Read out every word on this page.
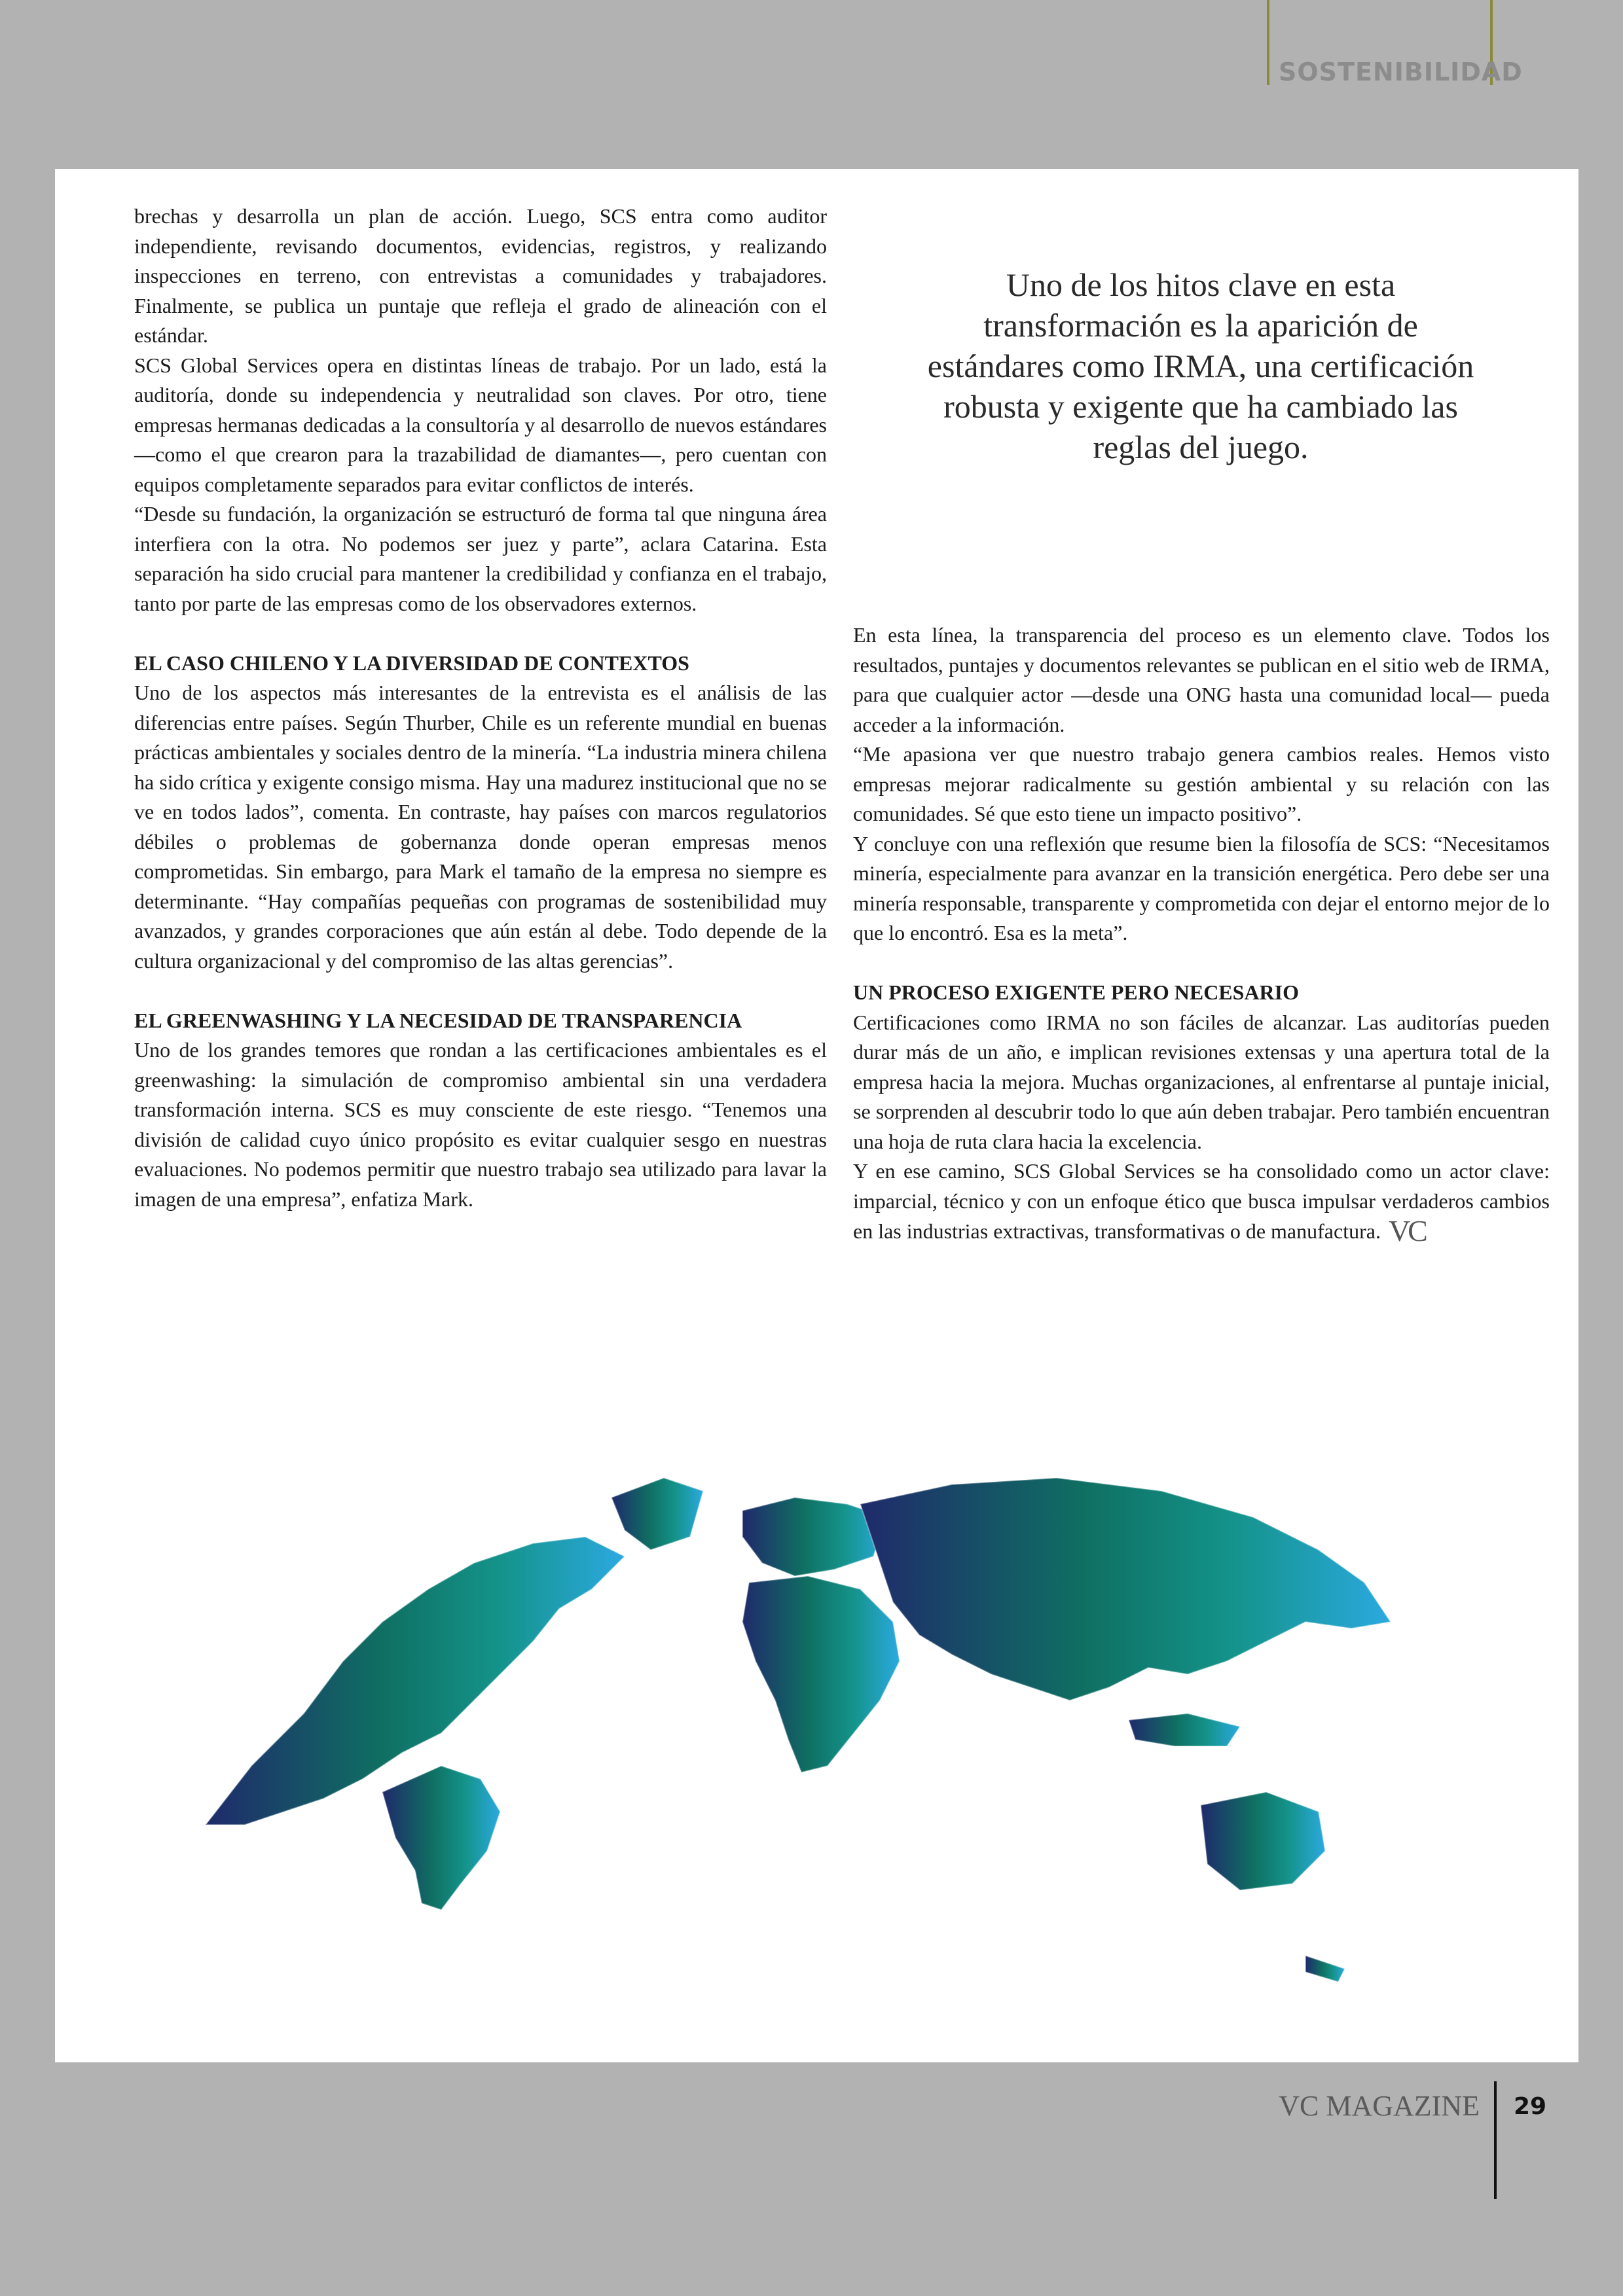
SOSTENIBILIDAD
brechas y desarrolla un plan de acción. Luego, SCS entra como auditor independiente, revisando documentos, evidencias, registros, y realizando inspecciones en terreno, con entrevistas a comunidades y trabajadores. Finalmente, se publica un puntaje que refleja el grado de alineación con el estándar.
SCS Global Services opera en distintas líneas de trabajo. Por un lado, está la auditoría, donde su independencia y neutralidad son claves. Por otro, tiene empresas hermanas dedicadas a la consultoría y al desarrollo de nuevos estándares —como el que crearon para la trazabilidad de diamantes—, pero cuentan con equipos completamente separados para evitar conflictos de interés.
“Desde su fundación, la organización se estructuró de forma tal que ninguna área interfiera con la otra. No podemos ser juez y parte”, aclara Catarina. Esta separación ha sido crucial para mantener la credibilidad y confianza en el trabajo, tanto por parte de las empresas como de los observadores externos.

EL CASO CHILENO Y LA DIVERSIDAD DE CONTEXTOS
Uno de los aspectos más interesantes de la entrevista es el análisis de las diferencias entre países. Según Thurber, Chile es un referente mundial en buenas prácticas ambientales y sociales dentro de la minería. “La industria minera chilena ha sido crítica y exigente consigo misma. Hay una madurez institucional que no se ve en todos lados”, comenta. En contraste, hay países con marcos regulatorios débiles o problemas de gobernanza donde operan empresas menos comprometidas. Sin embargo, para Mark el tamaño de la empresa no siempre es determinante. “Hay compañías pequeñas con programas de sostenibilidad muy avanzados, y grandes corporaciones que aún están al debe. Todo depende de la cultura organizacional y del compromiso de las altas gerencias”.

EL GREENWASHING Y LA NECESIDAD DE TRANSPARENCIA
Uno de los grandes temores que rondan a las certificaciones ambientales es el greenwashing: la simulación de compromiso ambiental sin una verdadera transformación interna. SCS es muy consciente de este riesgo. “Tenemos una división de calidad cuyo único propósito es evitar cualquier sesgo en nuestras evaluaciones. No podemos permitir que nuestro trabajo sea utilizado para lavar la imagen de una empresa”, enfatiza Mark.
Uno de los hitos clave en esta transformación es la aparición de estándares como IRMA, una certificación robusta y exigente que ha cambiado las reglas del juego.
En esta línea, la transparencia del proceso es un elemento clave. Todos los resultados, puntajes y documentos relevantes se publican en el sitio web de IRMA, para que cualquier actor —desde una ONG hasta una comunidad local— pueda acceder a la información.
“Me apasiona ver que nuestro trabajo genera cambios reales. Hemos visto empresas mejorar radicalmente su gestión ambiental y su relación con las comunidades. Sé que esto tiene un impacto positivo”.
Y concluye con una reflexión que resume bien la filosofía de SCS: “Necesitamos minería, especialmente para avanzar en la transición energética. Pero debe ser una minería responsable, transparente y comprometida con dejar el entorno mejor de lo que lo encontró. Esa es la meta”.

UN PROCESO EXIGENTE PERO NECESARIO
Certificaciones como IRMA no son fáciles de alcanzar. Las auditorías pueden durar más de un año, e implican revisiones extensas y una apertura total de la empresa hacia la mejora. Muchas organizaciones, al enfrentarse al puntaje inicial, se sorprenden al descubrir todo lo que aún deben trabajar. Pero también encuentran una hoja de ruta clara hacia la excelencia.
Y en ese camino, SCS Global Services se ha consolidado como un actor clave: imparcial, técnico y con un enfoque ético que busca impulsar verdaderos cambios en las industrias extractivas, transformativas o de manufactura. VC
VC MAGAZINE 29
